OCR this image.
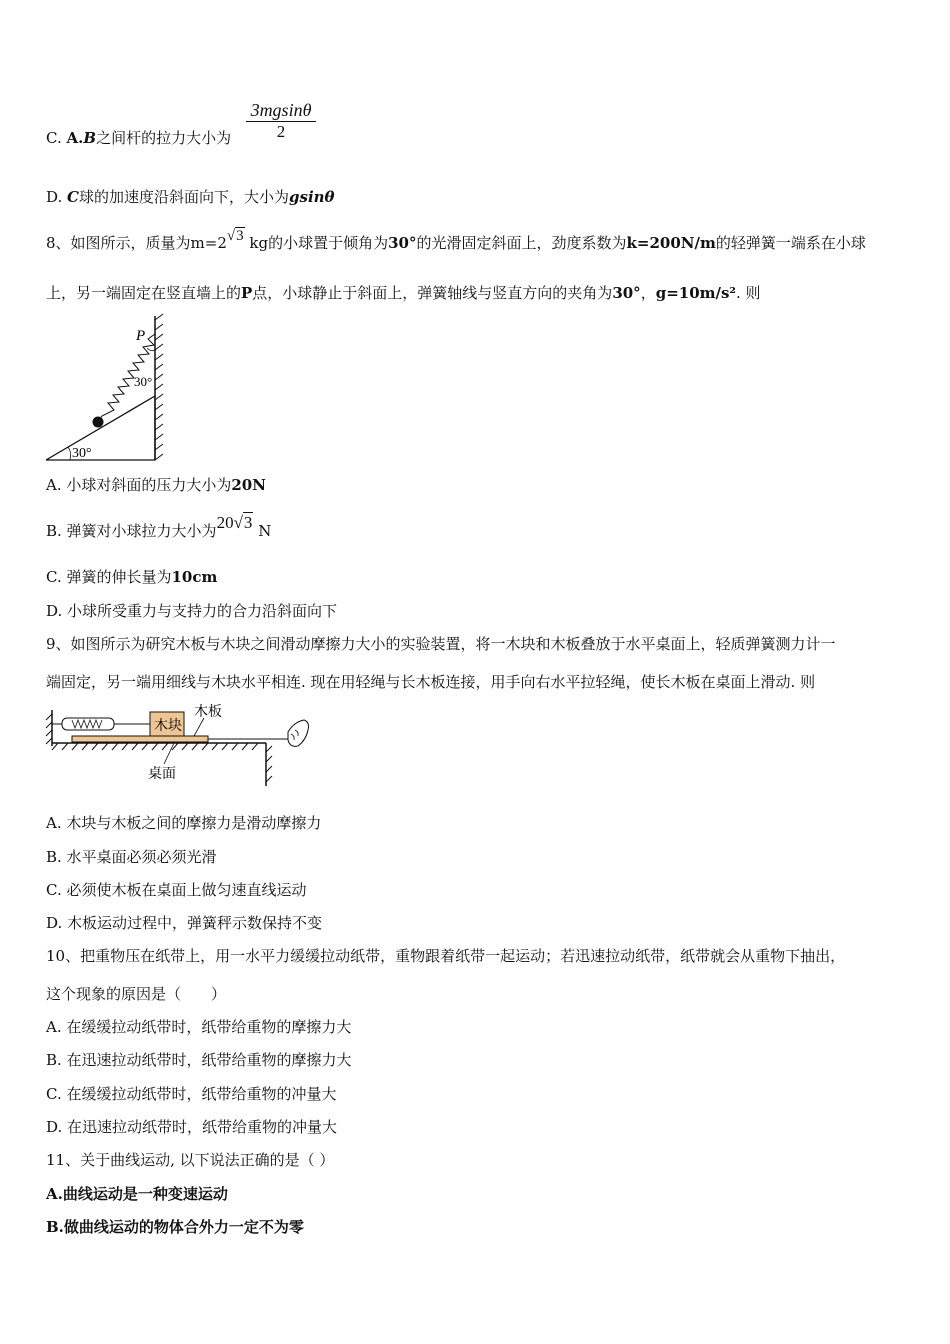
C. A.B之间杆的拉力大小为 $\frac{3mgsin\theta}{2}$
D. C球的加速度沿斜面向下，大小为gsinθ
8、如图所示，质量为m=2√3 kg的小球置于倾角为30°的光滑固定斜面上，劲度系数为k=200N/m的轻弹簧一端系在小球
上，另一端固定在竖直墙上的P点，小球静止于斜面上，弹簧轴线与竖直方向的夹角为30°，g=10m/s². 则
P
30°
30°
A. 小球对斜面的压力大小为20N
B. 弹簧对小球拉力大小为20√3 N
C. 弹簧的伸长量为10cm
D. 小球所受重力与支持力的合力沿斜面向下
9、如图所示为研究木板与木块之间滑动摩擦力大小的实验装置，将一木块和木板叠放于水平桌面上，轻质弹簧测力计一
端固定，另一端用细线与木块水平相连. 现在用轻绳与长木板连接，用手向右水平拉轻绳，使长木板在桌面上滑动. 则
木块
木板
桌面
A. 木块与木板之间的摩擦力是滑动摩擦力
B. 水平桌面必须必须光滑
C. 必须使木板在桌面上做匀速直线运动
D. 木板运动过程中，弹簧秤示数保持不变
10、把重物压在纸带上，用一水平力缓缓拉动纸带，重物跟着纸带一起运动；若迅速拉动纸带，纸带就会从重物下抽出，
这个现象的原因是（　　）
A. 在缓缓拉动纸带时，纸带给重物的摩擦力大
B. 在迅速拉动纸带时，纸带给重物的摩擦力大
C. 在缓缓拉动纸带时，纸带给重物的冲量大
D. 在迅速拉动纸带时，纸带给重物的冲量大
11、关于曲线运动, 以下说法正确的是（ ）
A.曲线运动是一种变速运动
B.做曲线运动的物体合外力一定不为零
